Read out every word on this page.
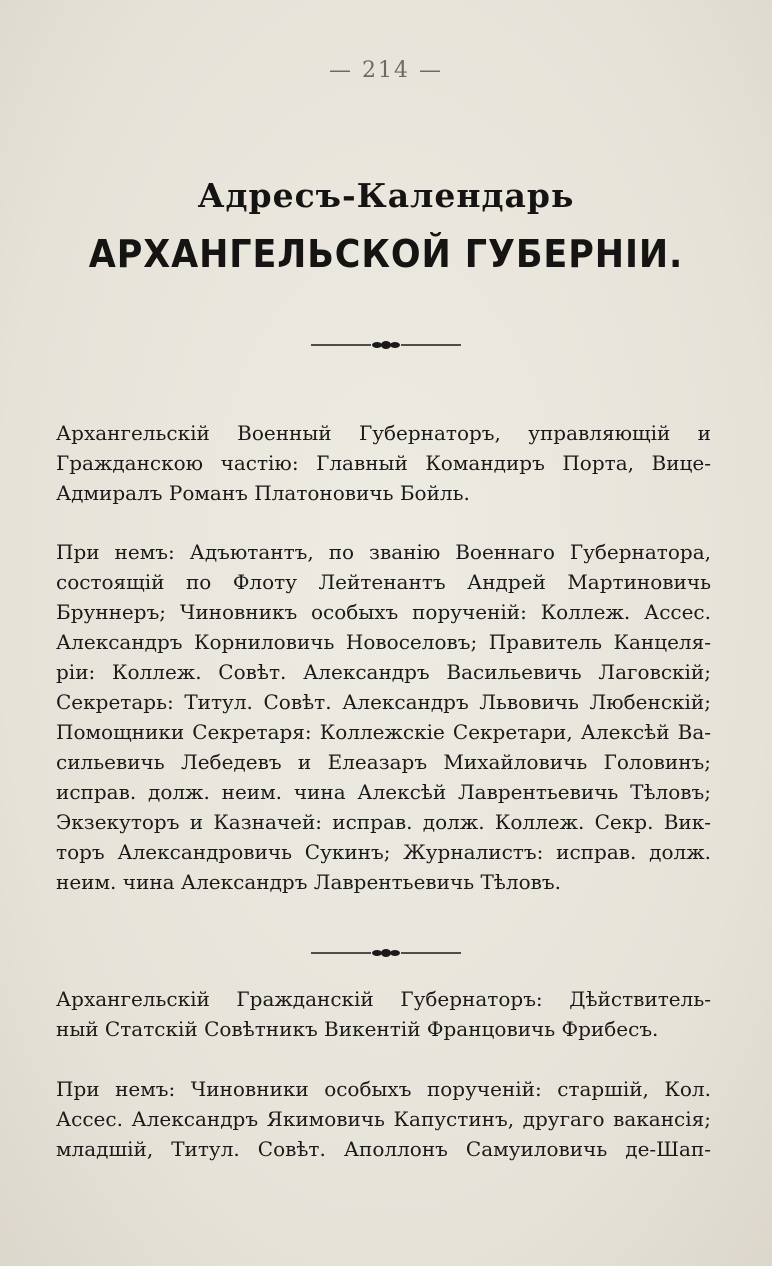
— 214 —
Адресъ-Календарь
АРХАНГЕЛЬСКОЙ ГУБЕРНІИ.
Архангельскій Военный Губернаторъ, управляющій и
Гражданскою частію: Главный Командиръ Порта, Вице-
Адмиралъ Романъ Платоновичь Бойль.
При немъ: Адъютантъ, по званію Военнаго Губернатора,
состоящій по Флоту Лейтенантъ Андрей Мартиновичь
Бруннеръ; Чиновникъ особыхъ порученій: Коллеж. Ассес.
Александръ Корниловичь Новоселовъ; Правитель Канцеля-
ріи: Коллеж. Совѣт. Александръ Васильевичь Лаговскій;
Секретарь: Титул. Совѣт. Александръ Львовичь Любенскій;
Помощники Секретаря: Коллежскіе Секретари, Алексѣй Ва-
сильевичь Лебедевъ и Елеазаръ Михайловичь Головинъ;
исправ. долж. неим. чина Алексѣй Лаврентьевичь Тѣловъ;
Экзекуторъ и Казначей: исправ. долж. Коллеж. Секр. Вик-
торъ Александровичь Сукинъ; Журналистъ: исправ. долж.
неим. чина Александръ Лаврентьевичь Тѣловъ.
Архангельскій Гражданскій Губернаторъ: Дѣйствитель-
ный Статскій Совѣтникъ Викентій Францовичь Фрибесъ.
При немъ: Чиновники особыхъ порученій: старшій, Кол.
Ассес. Александръ Якимовичь Капустинъ, другаго вакансія;
младшій, Титул. Совѣт. Аполлонъ Самуиловичь де-Шап-
